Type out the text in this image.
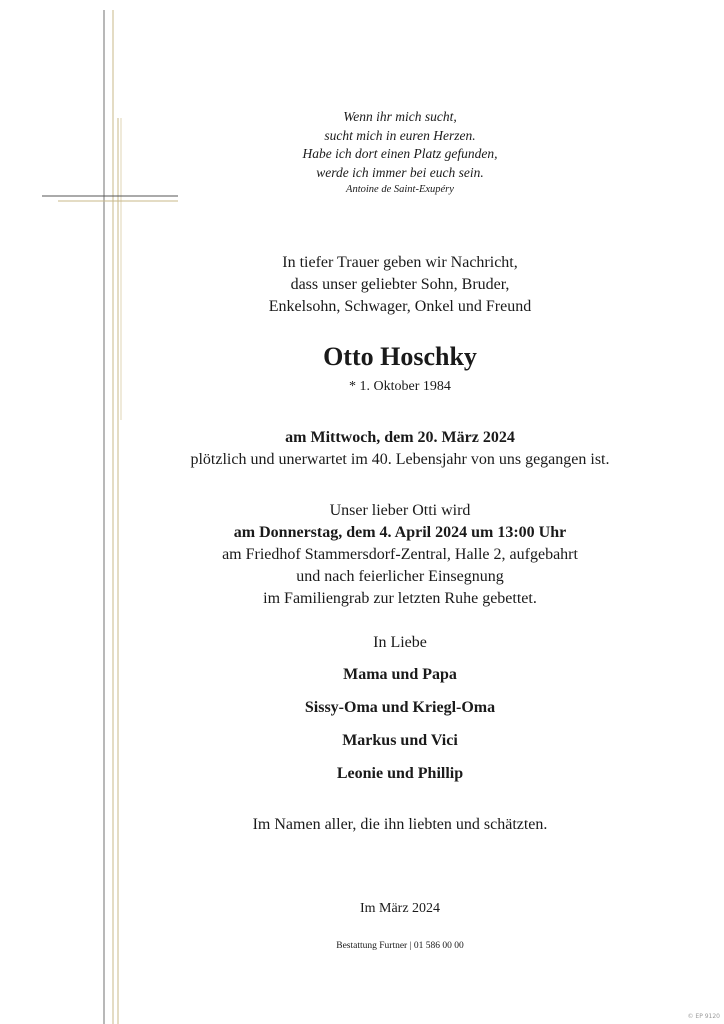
Wenn ihr mich sucht,
sucht mich in euren Herzen.
Habe ich dort einen Platz gefunden,
werde ich immer bei euch sein.
Antoine de Saint-Exupéry
In tiefer Trauer geben wir Nachricht,
dass unser geliebter Sohn, Bruder,
Enkelsohn, Schwager, Onkel und Freund
Otto Hoschky
* 1. Oktober 1984
am Mittwoch, dem 20. März 2024
plötzlich und unerwartet im 40. Lebensjahr von uns gegangen ist.
Unser lieber Otti wird
am Donnerstag, dem 4. April 2024 um 13:00 Uhr
am Friedhof Stammersdorf-Zentral, Halle 2, aufgebahrt
und nach feierlicher Einsegnung
im Familiengrab zur letzten Ruhe gebettet.
In Liebe
Mama und Papa
Sissy-Oma und Kriegl-Oma
Markus und Vici
Leonie und Phillip
Im Namen aller, die ihn liebten und schätzten.
Im März 2024
Bestattung Furtner | 01 586 00 00
© EP 9120
